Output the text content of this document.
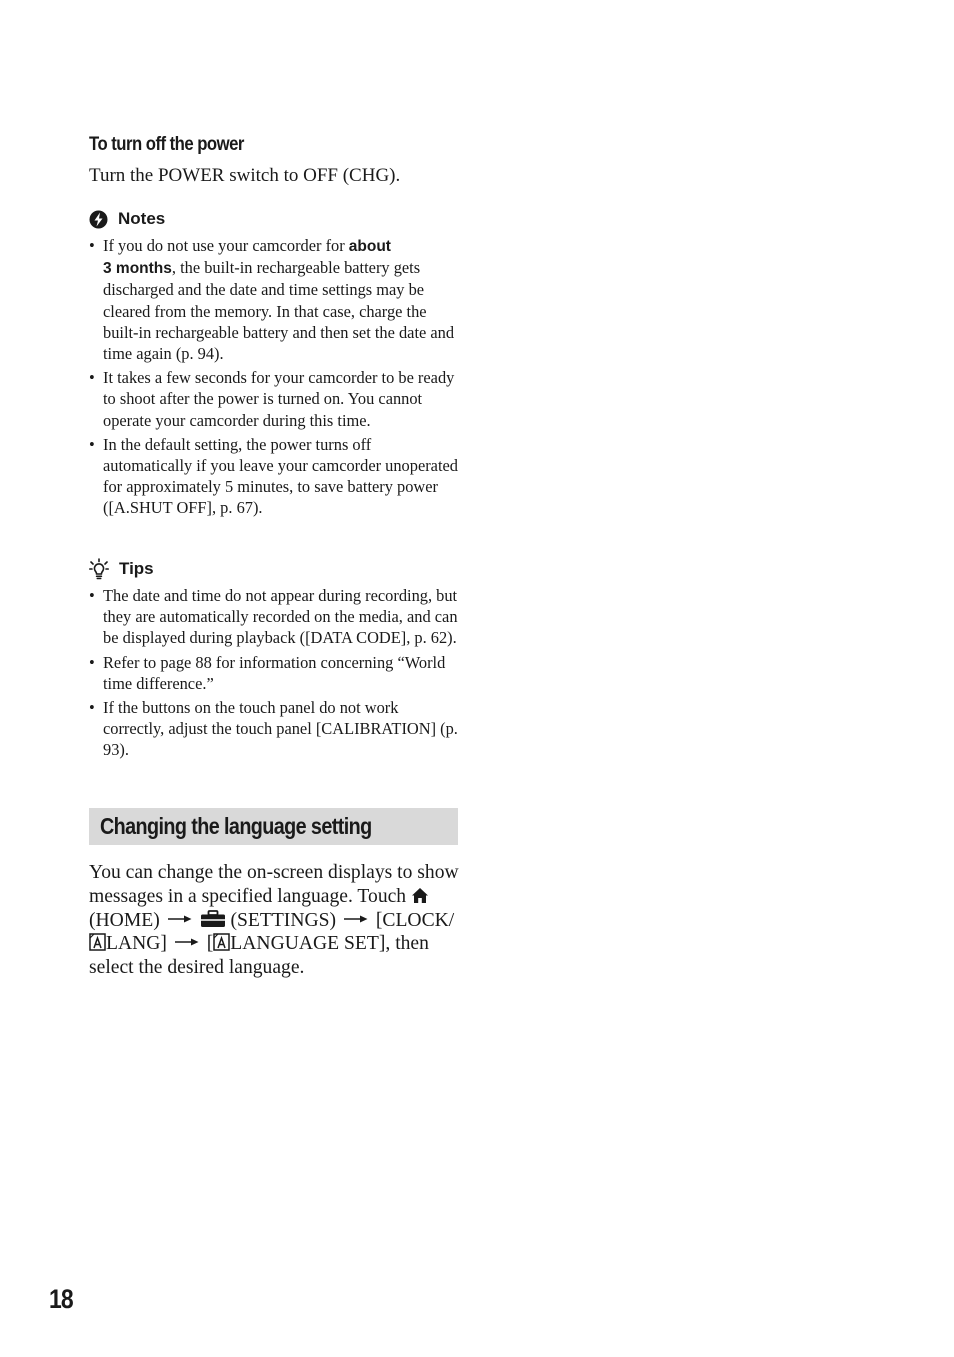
To turn off the power
Turn the POWER switch to OFF (CHG).
Notes
• If you do not use your camcorder for about
3 months, the built-in rechargeable battery gets discharged and the date and time settings may be cleared from the memory. In that case, charge the built-in rechargeable battery and then set the date and time again (p. 94).
• It takes a few seconds for your camcorder to be ready to shoot after the power is turned on. You cannot operate your camcorder during this time.
• In the default setting, the power turns off automatically if you leave your camcorder unoperated for approximately 5 minutes, to save battery power ([A.SHUT OFF], p. 67).
Tips
• The date and time do not appear during recording, but they are automatically recorded on the media, and can be displayed during playback ([DATA CODE], p. 62).
• Refer to page 88 for information concerning “World time difference.”
• If the buttons on the touch panel do not work correctly, adjust the touch panel [CALIBRATION] (p. 93).
Changing the language setting
You can change the on-screen displays to show messages in a specified language. Touch  (HOME)	(SETTINGS) [CLOCK/LANG] [ LANGUAGE SET], then select the desired language.
18
